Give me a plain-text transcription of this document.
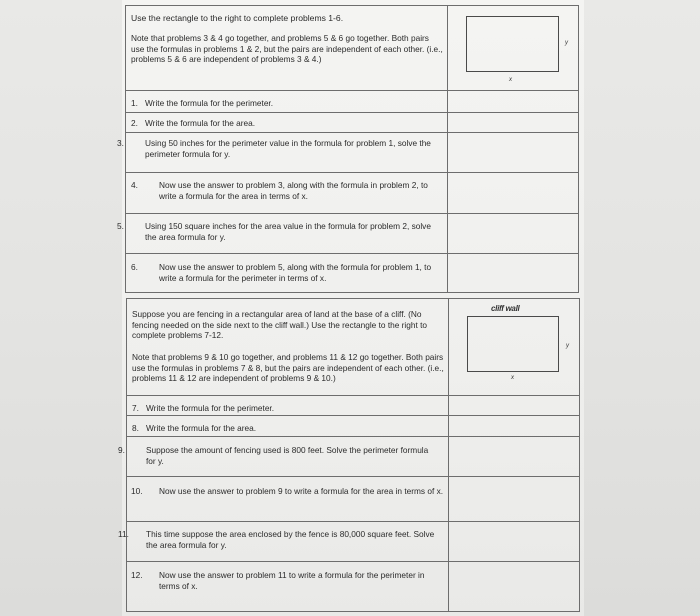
Use the rectangle to the right to complete problems 1-6.
Note that problems 3 & 4 go together, and problems 5 & 6 go together. Both pairs use the formulas in problems 1 & 2, but the pairs are independent of each other. (i.e., problems 5 & 6 are independent of problems 3 & 4.)
y
x
1. Write the formula for the perimeter.
2. Write the formula for the area.
3.	Using 50 inches for the perimeter value in the formula for problem 1, solve the perimeter formula for y.
4.	Now use the answer to problem 3, along with the formula in problem 2, to write a formula for the area in terms of x.
5.	Using 150 square inches for the area value in the formula for problem 2, solve the area formula for y.
6.	Now use the answer to problem 5, along with the formula for problem 1, to write a formula for the perimeter in terms of x.
Suppose you are fencing in a rectangular area of land at the base of a cliff. (No fencing needed on the side next to the cliff wall.) Use the rectangle to the right to complete problems 7-12.
Note that problems 9 & 10 go together, and problems 11 & 12 go together. Both pairs use the formulas in problems 7 & 8, but the pairs are independent of each other. (i.e., problems 11 & 12 are independent of problems 9 & 10.)
cliff wall
y
x
7. Write the formula for the perimeter.
8. Write the formula for the area.
9.	Suppose the amount of fencing used is 800 feet. Solve the perimeter formula for y.
10. Now use the answer to problem 9 to write a formula for the area in terms of x.
11. This time suppose the area enclosed by the fence is 80,000 square feet. Solve the area formula for y.
12. Now use the answer to problem 11 to write a formula for the perimeter in terms of x.
